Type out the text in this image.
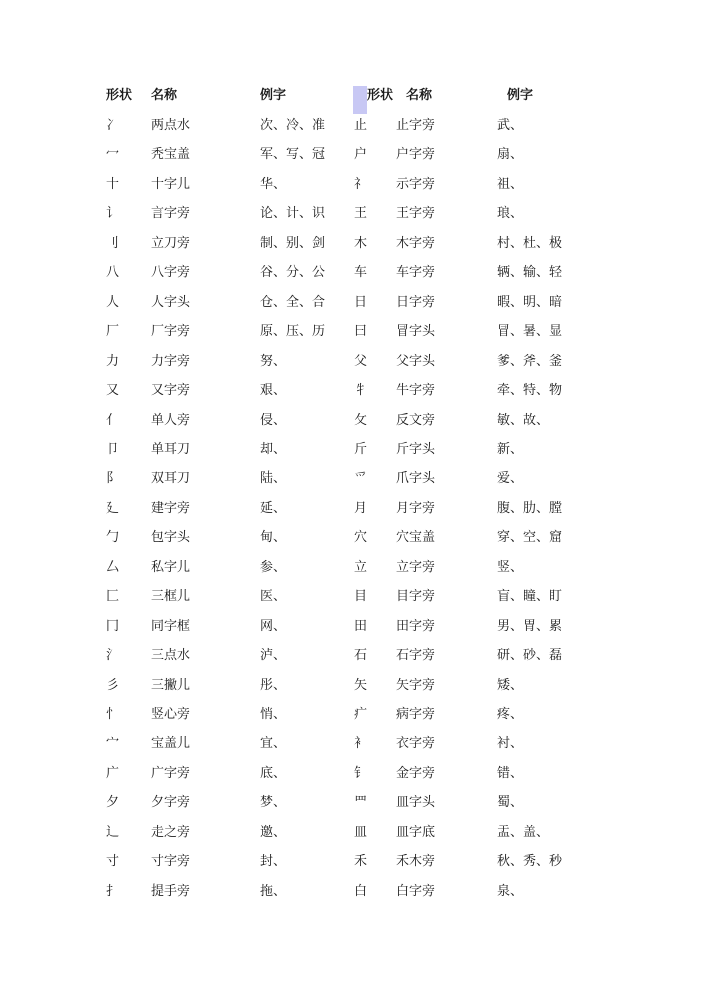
形状 名称	例字	形状 名称	例字
冫 两点水	次、冷、准 止 止字旁	武、
冖 秃宝盖	军、写、冠 户 户字旁	扇、
十 十字儿	华、	礻 示字旁	祖、
讠 言字旁	论、计、识 王 王字旁	琅、
刂 立刀旁	制、别、剑 木 木字旁	村、杜、极
八 八字旁	谷、分、公 车 车字旁	辆、输、轻
人 人字头	仓、全、合 日 日字旁	暇、明、暗
厂 厂字旁	原、压、历 曰 冒字头	冒、暑、显
力 力字旁	努、	父 父字头	爹、斧、釜
又 又字旁	艰、	牜 牛字旁	牵、特、物
亻 单人旁	侵、	攵 反文旁	敏、故、
卩 单耳刀	却、	斤 斤字头	新、
阝 双耳刀	陆、	爫 爪字头	爱、
廴 建字旁	延、	月 月字旁	腹、肋、膛
勹 包字头	甸、	穴 穴宝盖	穿、空、窟
厶 私字儿	参、	立 立字旁	竖、
匚 三框儿	医、	目 目字旁	盲、瞳、盯
冂 同字框	网、	田 田字旁	男、胃、累
氵 三点水	泸、	石 石字旁	研、砂、磊
彡 三撇儿	彤、	矢 矢字旁	矮、
忄 竖心旁	悄、	疒 病字旁	疼、
宀 宝盖儿	宜、	衤 衣字旁	衬、
广 广字旁	底、	钅 金字旁	错、
夕 夕字旁	梦、	罒 皿字头	蜀、
辶 走之旁	邀、	皿 皿字底	盂、盖、
寸 寸字旁	封、	禾 禾木旁	秋、秀、秒
扌 提手旁	拖、	白 白字旁	泉、
